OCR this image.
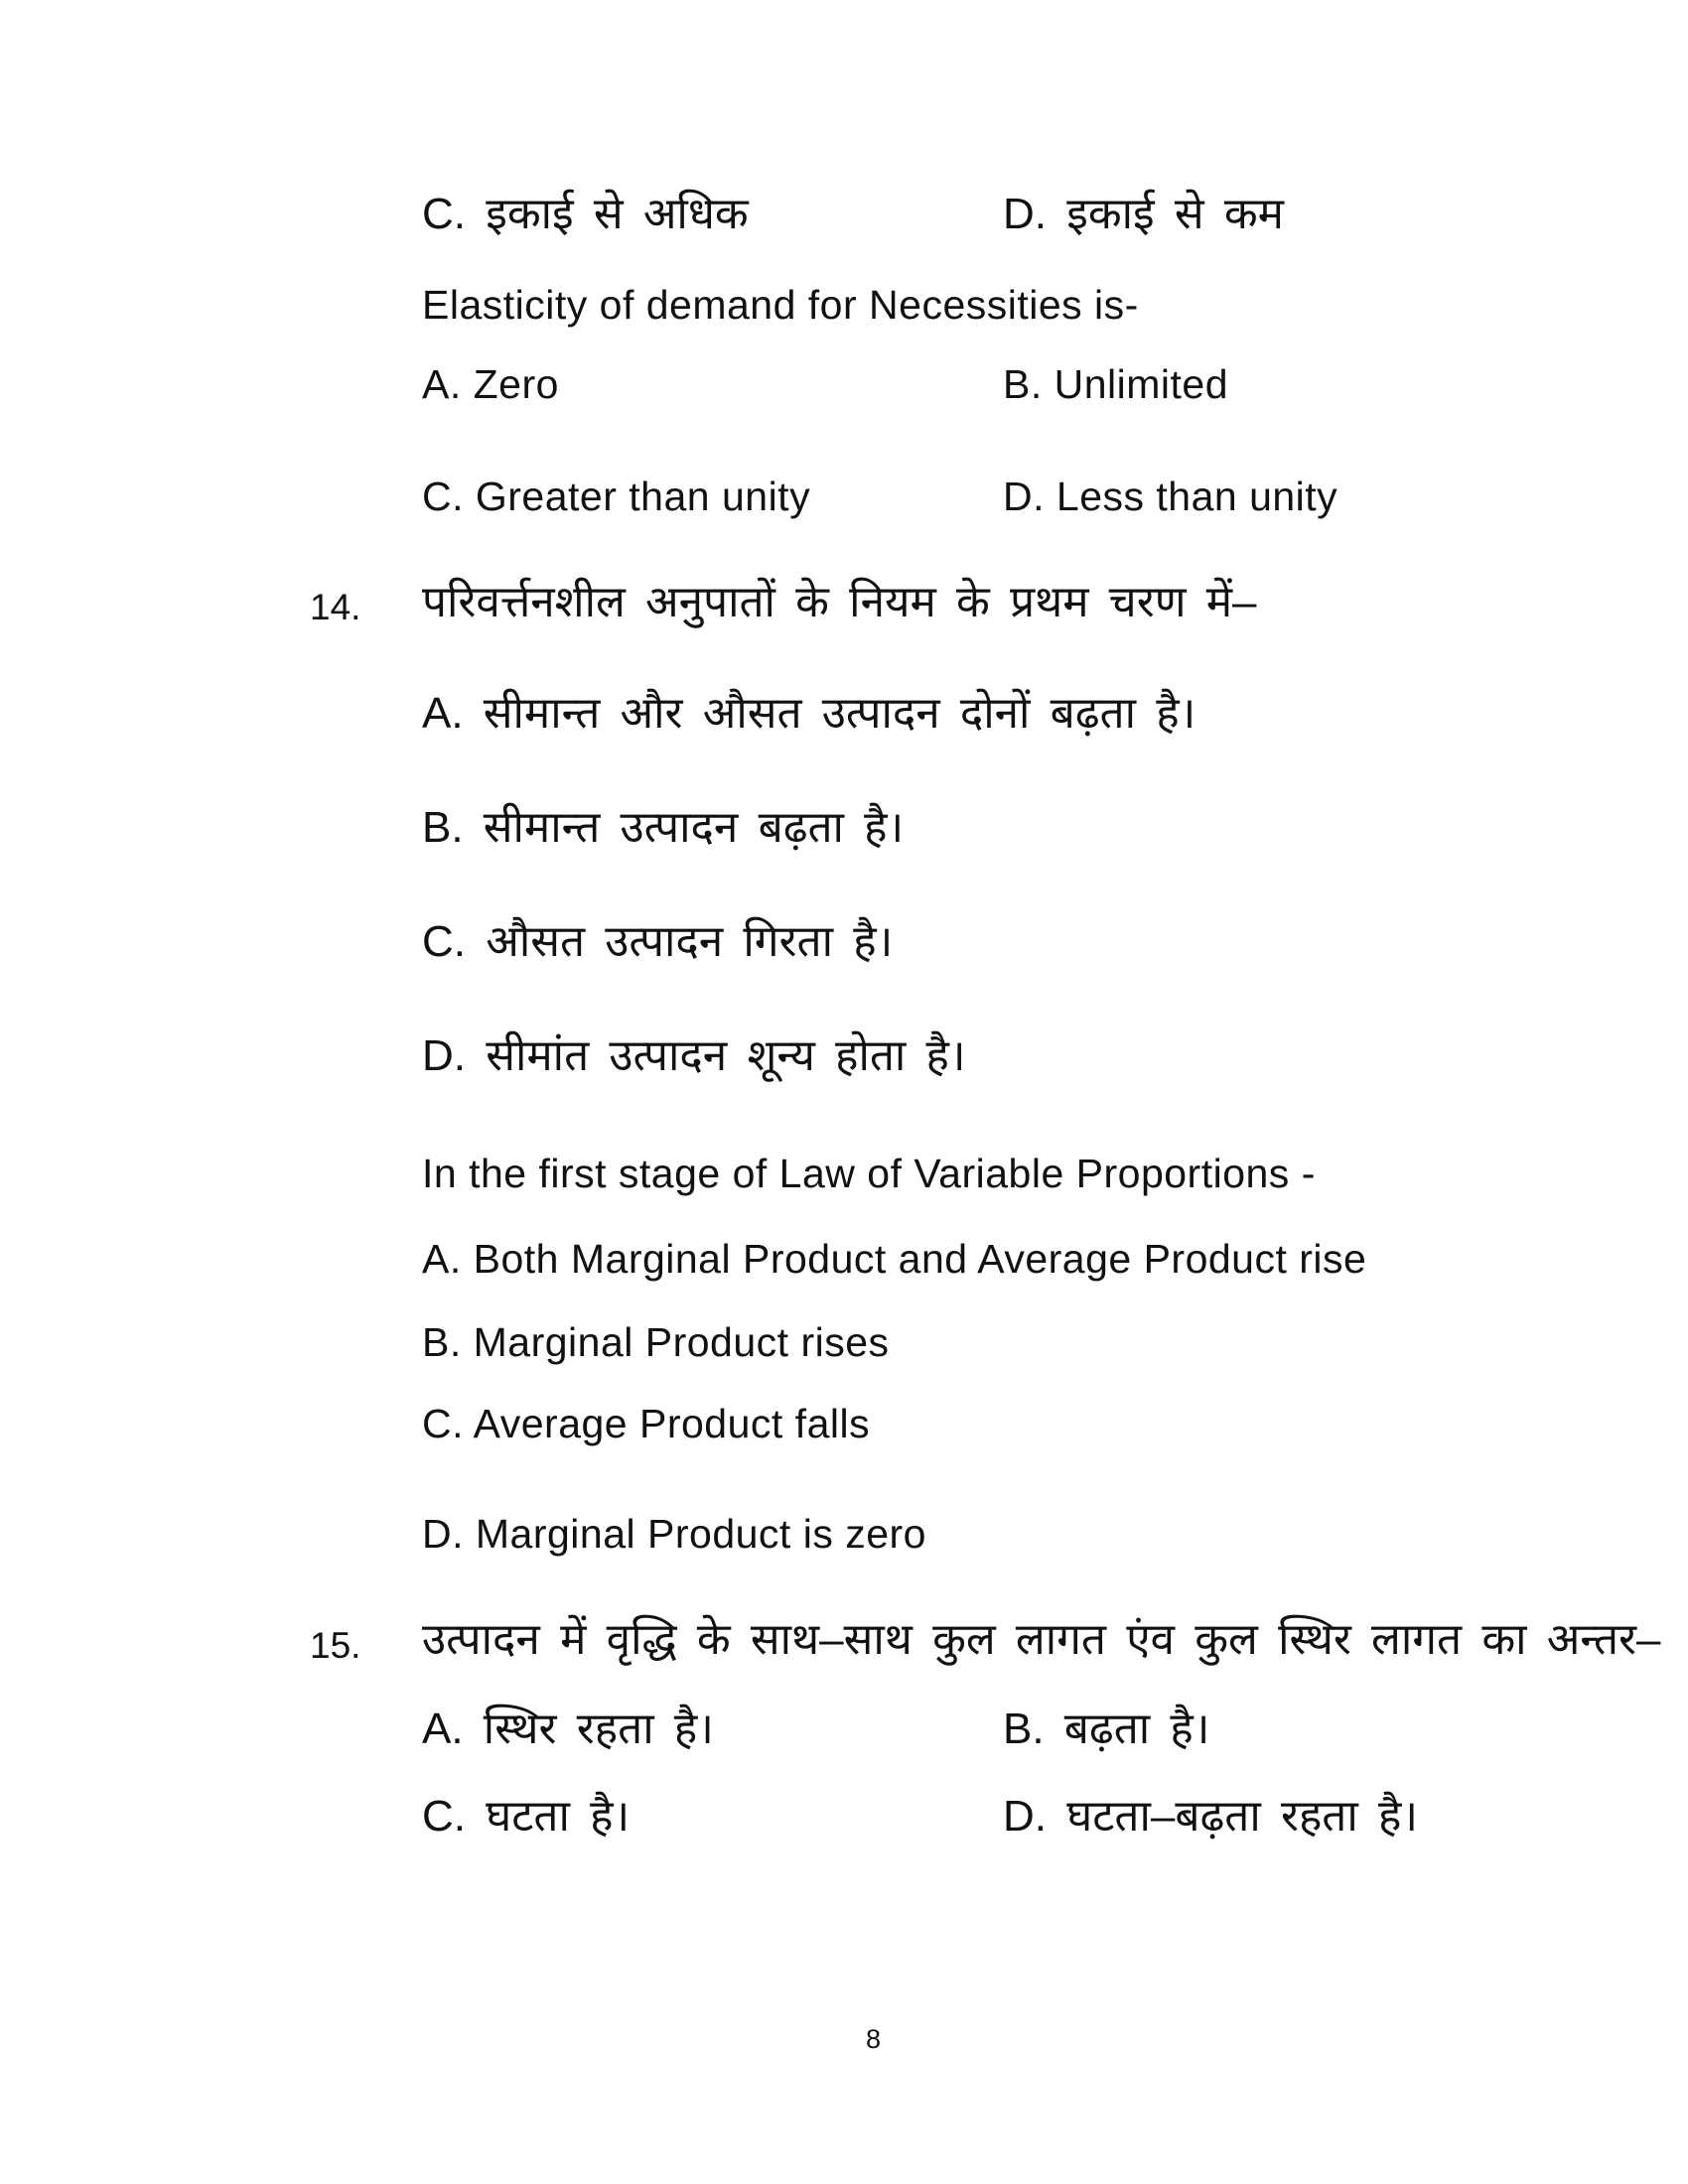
C. इकाई से अधिक	D. इकाई से कम
Elasticity of demand for Necessities is-
A. Zero	B. Unlimited
C. Greater than unity	D. Less than unity
14. परिवर्त्तनशील अनुपातों के नियम के प्रथम चरण में–
A. सीमान्त और औसत उत्पादन दोनों बढ़ता है।
B. सीमान्त उत्पादन बढ़ता है।
C. औसत उत्पादन गिरता है।
D. सीमांत उत्पादन शून्य होता है।
In the first stage of Law of Variable Proportions -
A. Both Marginal Product and Average Product rise
B. Marginal Product rises
C. Average Product falls
D. Marginal Product is zero
15. उत्पादन में वृद्धि के साथ–साथ कुल लागत एंव कुल स्थिर लागत का अन्तर–
A. स्थिर रहता है।	B. बढ़ता है।
C. घटता है।	D. घटता–बढ़ता रहता है।
8
